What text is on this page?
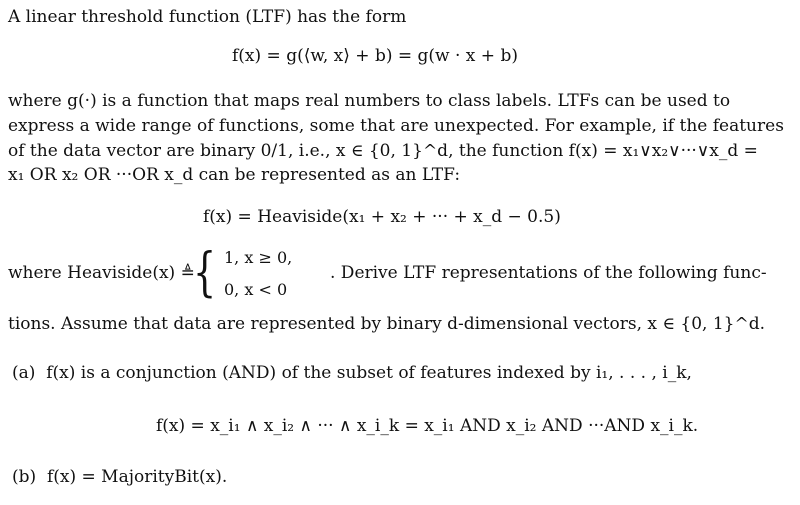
A linear threshold function (LTF) has the form
f(x) = g(⟨w, x⟩ + b) = g(w · x + b)
where g(·) is a function that maps real numbers to class labels. LTFs can be used to
express a wide range of functions, some that are unexpected. For example, if the features
of the data vector are binary 0/1, i.e., x ∈ {0, 1}^d, the function f(x) = x₁∨x₂∨···∨x_d =
x₁ OR x₂ OR ···OR x_d can be represented as an LTF:
f(x) = Heaviside(x₁ + x₂ + ··· + x_d − 0.5)
where Heaviside(x) ≜
{ 1, x ≥ 0,
0, x < 0
. Derive LTF representations of the following func-
tions. Assume that data are represented by binary d-dimensional vectors, x ∈ {0, 1}^d.
(a) f(x) is a conjunction (AND) of the subset of features indexed by i₁, . . . , i_k,
f(x) = x_i₁ ∧ x_i₂ ∧ ··· ∧ x_i_k = x_i₁ AND x_i₂ AND ···AND x_i_k.
(b) f(x) = MajorityBit(x).
